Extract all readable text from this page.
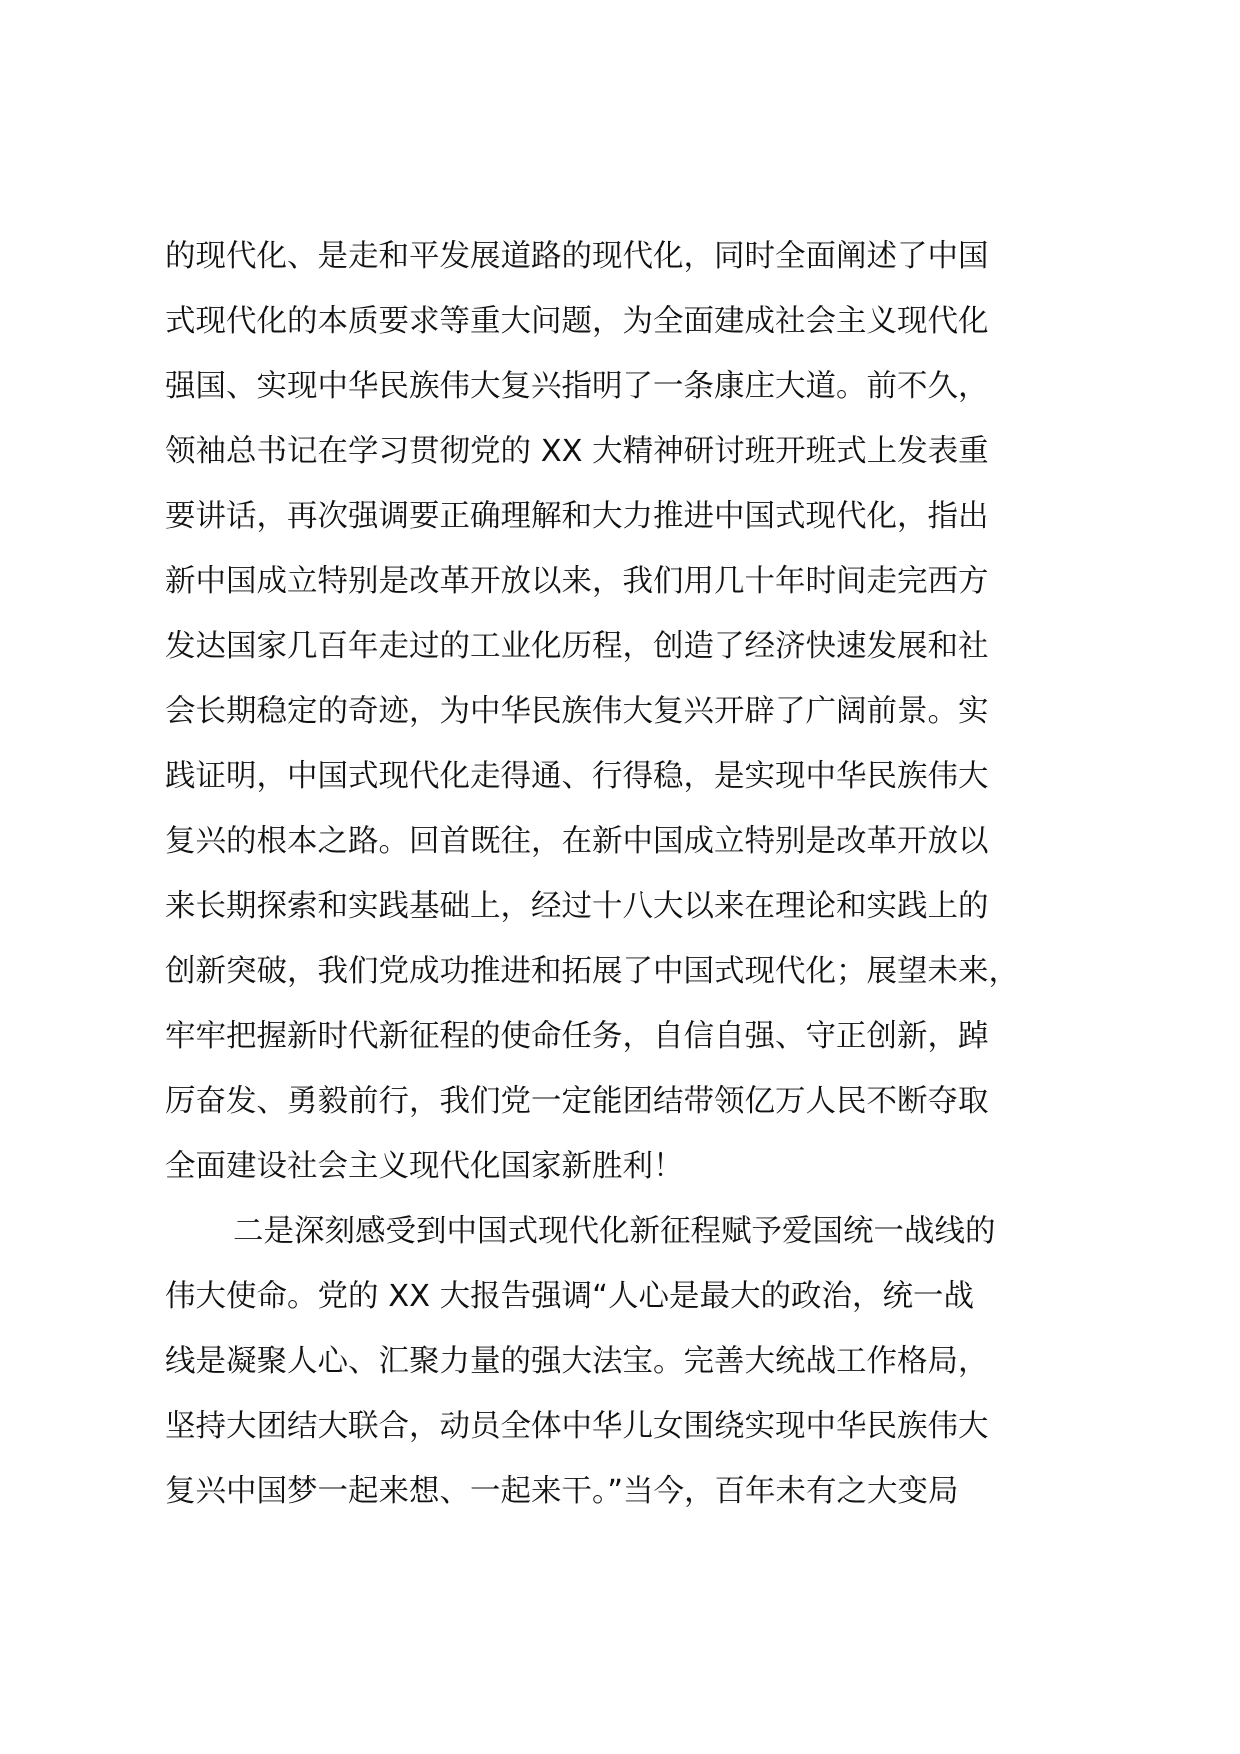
的现代化、是走和平发展道路的现代化，同时全面阐述了中国
式现代化的本质要求等重大问题，为全面建成社会主义现代化
强国、实现中华民族伟大复兴指明了一条康庄大道。前不久，
领袖总书记在学习贯彻党的 XX 大精神研讨班开班式上发表重
要讲话，再次强调要正确理解和大力推进中国式现代化，指出
新中国成立特别是改革开放以来，我们用几十年时间走完西方
发达国家几百年走过的工业化历程，创造了经济快速发展和社
会长期稳定的奇迹，为中华民族伟大复兴开辟了广阔前景。实
践证明，中国式现代化走得通、行得稳，是实现中华民族伟大
复兴的根本之路。回首既往，在新中国成立特别是改革开放以
来长期探索和实践基础上，经过十八大以来在理论和实践上的
创新突破，我们党成功推进和拓展了中国式现代化；展望未来，
牢牢把握新时代新征程的使命任务，自信自强、守正创新，踔
厉奋发、勇毅前行，我们党一定能团结带领亿万人民不断夺取
全面建设社会主义现代化国家新胜利！
二是深刻感受到中国式现代化新征程赋予爱国统一战线的
伟大使命。党的 XX 大报告强调“人心是最大的政治，统一战
线是凝聚人心、汇聚力量的强大法宝。完善大统战工作格局，
坚持大团结大联合，动员全体中华儿女围绕实现中华民族伟大
复兴中国梦一起来想、一起来干。”当今，百年未有之大变局
